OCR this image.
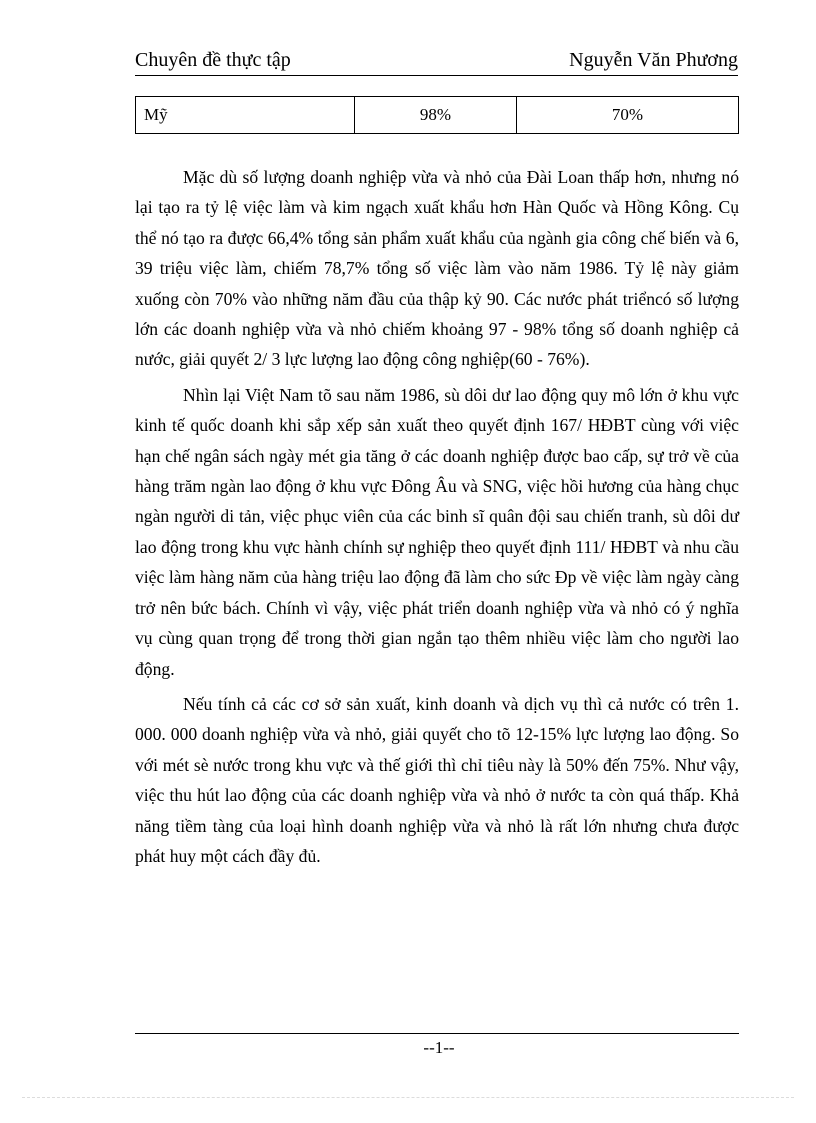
Chuyên đề thực tập	Nguyễn Văn Phương
Mỹ	98%	70%

Mặc dù số lượng doanh nghiệp vừa và nhỏ của Đài Loan thấp hơn, nhưng nó lại tạo ra tỷ lệ việc làm và kim ngạch xuất khẩu hơn Hàn Quốc và Hồng Kông. Cụ thể nó tạo ra được 66,4% tổng sản phẩm xuất khẩu của ngành gia công chế biến và 6, 39 triệu việc làm, chiếm 78,7% tổng số việc làm vào năm 1986. Tỷ lệ này giảm xuống còn 70% vào những năm đầu của thập kỷ 90. Các nước phát triểncó số lượng lớn các doanh nghiệp vừa và nhỏ chiếm khoảng 97 - 98% tổng số doanh nghiệp cả nước, giải quyết 2/ 3 lực lượng lao động công nghiệp(60 - 76%).

Nhìn lại Việt Nam tõ sau năm 1986, sù dôi dư lao động quy mô lớn ở khu vực kinh tế quốc doanh khi sắp xếp sản xuất theo quyết định 167/ HĐBT cùng với việc hạn chế ngân sách ngày mét gia tăng ở các doanh nghiệp được bao cấp, sự trở về của hàng trăm ngàn lao động ở khu vực Đông Âu và SNG, việc hồi hương của hàng chục ngàn người di tản, việc phục viên của các binh sĩ quân đội sau chiến tranh, sù dôi dư lao động trong khu vực hành chính sự nghiệp theo quyết định 111/ HĐBT và nhu cầu việc làm hàng năm của hàng triệu lao động đã làm cho sức Ðp về việc làm ngày càng trở nên bức bách. Chính vì vậy, việc phát triển doanh nghiệp vừa và nhỏ có ý nghĩa vụ cùng quan trọng để trong thời gian ngắn tạo thêm nhiều việc làm cho người lao động.

Nếu tính cả các cơ sở sản xuất, kinh doanh và dịch vụ thì cả nước có trên 1. 000. 000 doanh nghiệp vừa và nhỏ, giải quyết cho tõ 12-15% lực lượng lao động. So với mét sè nước trong khu vực và thế giới thì chỉ tiêu này là 50% đến 75%. Như vậy, việc thu hút lao động của các doanh nghiệp vừa và nhỏ ở nước ta còn quá thấp. Khả năng tiềm tàng của loại hình doanh nghiệp vừa và nhỏ là rất lớn nhưng chưa được phát huy một cách đầy đủ.

--1--
